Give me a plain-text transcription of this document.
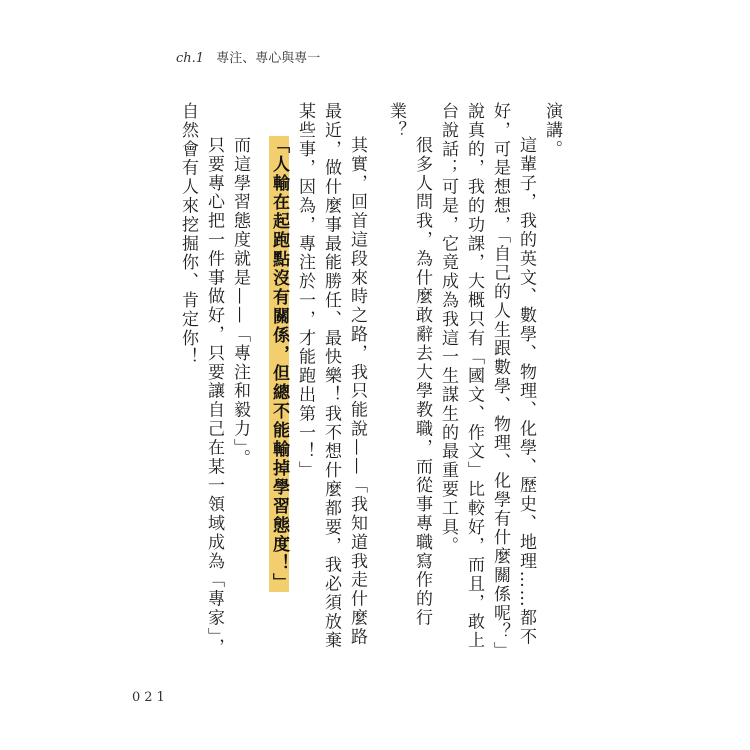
ch.1 專注、專心與專一

演講。

這輩子，我的英文、數學、物理、化學、歷史、地理……都不好，可是想想，「自己的人生跟數學、物理、化學有什麼關係呢？」說真的，我的功課，大概只有「國文、作文」比較好，而且，敢上台說話；可是，它竟成為我這一生謀生的最重要工具。

很多人問我，為什麼敢辭去大學教職，而從事專職寫作的行業？

其實，回首這段來時之路，我只能說——「我知道我走什麼路最近，做什麼事最能勝任、最快樂！我不想什麼都要，我必須放棄某些事，因為，專注於一，才能跑出第一！」

「人輸在起跑點沒有關係，但總不能輸掉學習態度！」

而這學習態度就是——「專注和毅力」。

只要專心把一件事做好，只要讓自己在某一領域成為「專家」，自然會有人來挖掘你、肯定你！

021
